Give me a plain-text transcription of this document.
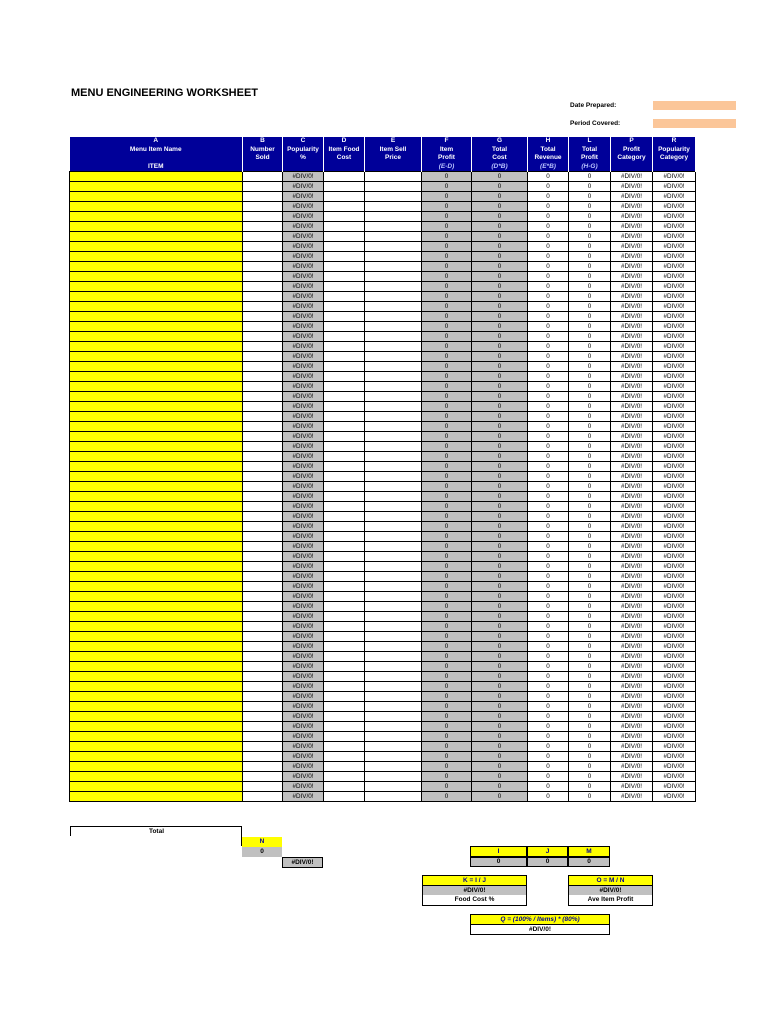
MENU ENGINEERING WORKSHEET
Date Prepared:
Period Covered:
A	B	C	D	E	F	G	H	L	P	R
Menu Item Name	Number	Popularity	Item Food	Item Sell	Item	Total	Total	Total	Profit	Popularity
	Sold	%	Cost	Price	Profit	Cost	Revenue	Profit	Category	Category
ITEM					(E-D)	(D*B)	(E*B)	(H-G)		
		#DIV/0!			0	0	0	0	#DIV/0!	#DIV/0!
		#DIV/0!			0	0	0	0	#DIV/0!	#DIV/0!
		#DIV/0!			0	0	0	0	#DIV/0!	#DIV/0!
		#DIV/0!			0	0	0	0	#DIV/0!	#DIV/0!
		#DIV/0!			0	0	0	0	#DIV/0!	#DIV/0!
		#DIV/0!			0	0	0	0	#DIV/0!	#DIV/0!
		#DIV/0!			0	0	0	0	#DIV/0!	#DIV/0!
		#DIV/0!			0	0	0	0	#DIV/0!	#DIV/0!
		#DIV/0!			0	0	0	0	#DIV/0!	#DIV/0!
		#DIV/0!			0	0	0	0	#DIV/0!	#DIV/0!
		#DIV/0!			0	0	0	0	#DIV/0!	#DIV/0!
		#DIV/0!			0	0	0	0	#DIV/0!	#DIV/0!
		#DIV/0!			0	0	0	0	#DIV/0!	#DIV/0!
		#DIV/0!			0	0	0	0	#DIV/0!	#DIV/0!
		#DIV/0!			0	0	0	0	#DIV/0!	#DIV/0!
		#DIV/0!			0	0	0	0	#DIV/0!	#DIV/0!
		#DIV/0!			0	0	0	0	#DIV/0!	#DIV/0!
		#DIV/0!			0	0	0	0	#DIV/0!	#DIV/0!
		#DIV/0!			0	0	0	0	#DIV/0!	#DIV/0!
		#DIV/0!			0	0	0	0	#DIV/0!	#DIV/0!
		#DIV/0!			0	0	0	0	#DIV/0!	#DIV/0!
		#DIV/0!			0	0	0	0	#DIV/0!	#DIV/0!
		#DIV/0!			0	0	0	0	#DIV/0!	#DIV/0!
		#DIV/0!			0	0	0	0	#DIV/0!	#DIV/0!
		#DIV/0!			0	0	0	0	#DIV/0!	#DIV/0!
		#DIV/0!			0	0	0	0	#DIV/0!	#DIV/0!
		#DIV/0!			0	0	0	0	#DIV/0!	#DIV/0!
		#DIV/0!			0	0	0	0	#DIV/0!	#DIV/0!
		#DIV/0!			0	0	0	0	#DIV/0!	#DIV/0!
		#DIV/0!			0	0	0	0	#DIV/0!	#DIV/0!
		#DIV/0!			0	0	0	0	#DIV/0!	#DIV/0!
		#DIV/0!			0	0	0	0	#DIV/0!	#DIV/0!
		#DIV/0!			0	0	0	0	#DIV/0!	#DIV/0!
		#DIV/0!			0	0	0	0	#DIV/0!	#DIV/0!
		#DIV/0!			0	0	0	0	#DIV/0!	#DIV/0!
		#DIV/0!			0	0	0	0	#DIV/0!	#DIV/0!
		#DIV/0!			0	0	0	0	#DIV/0!	#DIV/0!
		#DIV/0!			0	0	0	0	#DIV/0!	#DIV/0!
		#DIV/0!			0	0	0	0	#DIV/0!	#DIV/0!
		#DIV/0!			0	0	0	0	#DIV/0!	#DIV/0!
		#DIV/0!			0	0	0	0	#DIV/0!	#DIV/0!
		#DIV/0!			0	0	0	0	#DIV/0!	#DIV/0!
		#DIV/0!			0	0	0	0	#DIV/0!	#DIV/0!
		#DIV/0!			0	0	0	0	#DIV/0!	#DIV/0!
		#DIV/0!			0	0	0	0	#DIV/0!	#DIV/0!
		#DIV/0!			0	0	0	0	#DIV/0!	#DIV/0!
		#DIV/0!			0	0	0	0	#DIV/0!	#DIV/0!
		#DIV/0!			0	0	0	0	#DIV/0!	#DIV/0!
		#DIV/0!			0	0	0	0	#DIV/0!	#DIV/0!
		#DIV/0!			0	0	0	0	#DIV/0!	#DIV/0!
		#DIV/0!			0	0	0	0	#DIV/0!	#DIV/0!
		#DIV/0!			0	0	0	0	#DIV/0!	#DIV/0!
		#DIV/0!			0	0	0	0	#DIV/0!	#DIV/0!
		#DIV/0!			0	0	0	0	#DIV/0!	#DIV/0!
		#DIV/0!			0	0	0	0	#DIV/0!	#DIV/0!
		#DIV/0!			0	0	0	0	#DIV/0!	#DIV/0!
		#DIV/0!			0	0	0	0	#DIV/0!	#DIV/0!
		#DIV/0!			0	0	0	0	#DIV/0!	#DIV/0!
		#DIV/0!			0	0	0	0	#DIV/0!	#DIV/0!
		#DIV/0!			0	0	0	0	#DIV/0!	#DIV/0!
		#DIV/0!			0	0	0	0	#DIV/0!	#DIV/0!
		#DIV/0!			0	0	0	0	#DIV/0!	#DIV/0!
		#DIV/0!			0	0	0	0	#DIV/0!	#DIV/0!
Total
N
0
#DIV/0!
I	J	M
0	0	0
K = I / J
#DIV/0!
Food Cost %
O = M / N
#DIV/0!
Ave Item Profit
Q = (100% / Items) * (80%)
#DIV/0!
